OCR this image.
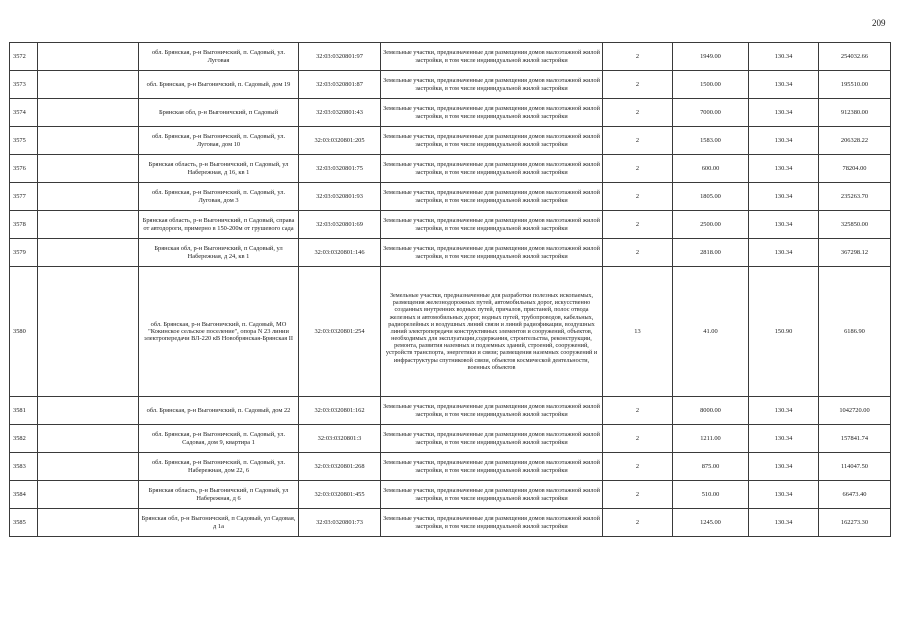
209
3572		обл. Брянская, р-н Выгоничский, п. Садовый, ул. Луговая	32:03:0320801:97	Земельные участки, предназначенные для размещения домов малоэтажной жилой застройки, в том числе индивидуальной жилой застройки	2	1949.00	130.34	254032.66
3573		обл. Брянская, р-н Выгоничский, п. Садовый, дом 19	32:03:0320801:87	Земельные участки, предназначенные для размещения домов малоэтажной жилой застройки, в том числе индивидуальной жилой застройки	2	1500.00	130.34	195510.00
3574		Брянская обл, р-н Выгоничский, п Садовый	32:03:0320801:43	Земельные участки, предназначенные для размещения домов малоэтажной жилой застройки, в том числе индивидуальной жилой застройки	2	7000.00	130.34	912380.00
3575		обл. Брянская, р-н Выгоничский, п. Садовый, ул. Луговая, дом 10	32:03:0320801:205	Земельные участки, предназначенные для размещения домов малоэтажной жилой застройки, в том числе индивидуальной жилой застройки	2	1583.00	130.34	206328.22
3576		Брянская область, р-н Выгоничский, п Садовый, ул Набережная, д 16, кв 1	32:03:0320801:75	Земельные участки, предназначенные для размещения домов малоэтажной жилой застройки, в том числе индивидуальной жилой застройки	2	600.00	130.34	78204.00
3577		обл. Брянская, р-н Выгоничский, п. Садовый, ул. Луговая, дом 3	32:03:0320801:93	Земельные участки, предназначенные для размещения домов малоэтажной жилой застройки, в том числе индивидуальной жилой застройки	2	1805.00	130.34	235263.70
3578		Брянская область, р-н Выгоничский, п Садовый, справа от автодороги, примерно в 150-200м от грушевого сада	32:03:0320801:69	Земельные участки, предназначенные для размещения домов малоэтажной жилой застройки, в том числе индивидуальной жилой застройки	2	2500.00	130.34	325850.00
3579		Брянская обл, р-н Выгоничский, п Садовый, ул Набережная, д 24, кв 1	32:03:0320801:146	Земельные участки, предназначенные для размещения домов малоэтажной жилой застройки, в том числе индивидуальной жилой застройки	2	2818.00	130.34	367298.12
3580		обл. Брянская, р-н Выгоничский, п. Садовый, МО "Кокинское сельское поселение", опора N 23 линии электропередачи ВЛ-220 кВ Новобрянская-Брянская II	32:03:0320801:254	Земельные участки, предназначенные для разработки полезных ископаемых, размещения железнодорожных путей, автомобильных дорог, искусственно созданных внутренних водных путей, причалов, пристаней, полос отвода железных и автомобильных дорог, водных путей, трубопроводов, кабельных, радиорелейных и воздушных линий связи и линий радиофикации, воздушных линий электропередачи конструктивных элементов и сооружений, объектов, необходимых для эксплуатации,содержания, строительства, реконструкции, ремонта, развития наземных и подземных зданий, строений, сооружений, устройств транспорта, энергетики и связи; размещения наземных сооружений и инфраструктуры спутниковой связи, объектов космической деятельности, военных объектов	13	41.00	150.90	6186.90
3581		обл. Брянская, р-н Выгоничский, п. Садовый, дом 22	32:03:0320801:162	Земельные участки, предназначенные для размещения домов малоэтажной жилой застройки, в том числе индивидуальной жилой застройки	2	8000.00	130.34	1042720.00
3582		обл. Брянская, р-н Выгоничский, п. Садовый, ул. Садовая, дом 9, квартира 1	32:03:0320801:3	Земельные участки, предназначенные для размещения домов малоэтажной жилой застройки, в том числе индивидуальной жилой застройки	2	1211.00	130.34	157841.74
3583		обл. Брянская, р-н Выгоничский, п. Садовый, ул. Набережная, дом 22, 6	32:03:0320801:268	Земельные участки, предназначенные для размещения домов малоэтажной жилой застройки, в том числе индивидуальной жилой застройки	2	875.00	130.34	114047.50
3584		Брянская область, р-н Выгоничский, п Садовый, ул Набережная, д 6	32:03:0320801:455	Земельные участки, предназначенные для размещения домов малоэтажной жилой застройки, в том числе индивидуальной жилой застройки	2	510.00	130.34	66473.40
3585		Брянская обл, р-н Выгоничский, п Садовый, ул Садовая, д 1а	32:03:0320801:73	Земельные участки, предназначенные для размещения домов малоэтажной жилой застройки, в том числе индивидуальной жилой застройки	2	1245.00	130.34	162273.30
